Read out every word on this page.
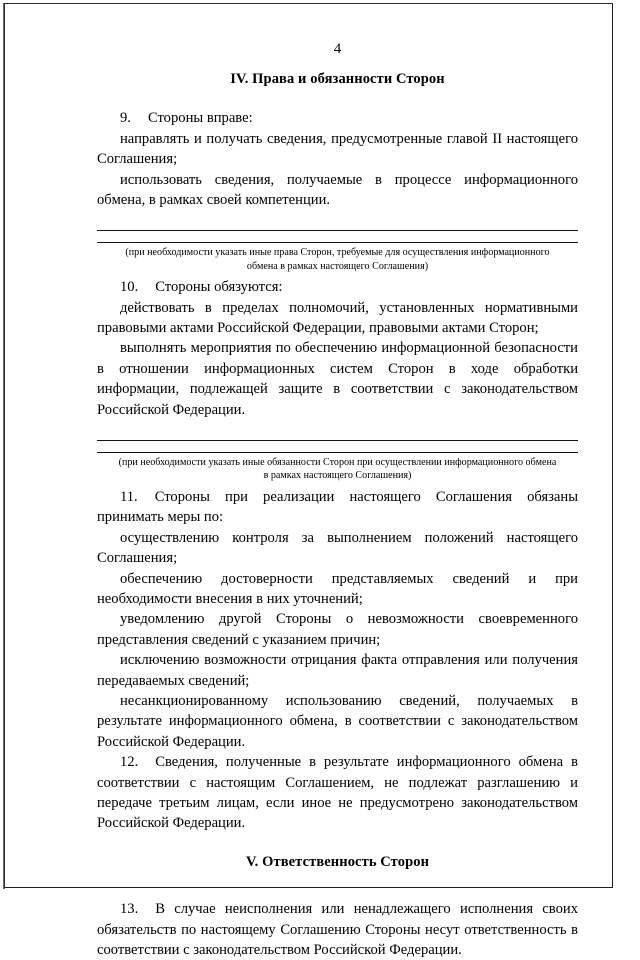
4
IV. Права и обязанности Сторон

9. Стороны вправе:

направлять и получать сведения, предусмотренные главой II настоящего Соглашения;

использовать сведения, получаемые в процессе информационного обмена, в рамках своей компетенции.

(при необходимости указать иные права Сторон, требуемые для осуществления информационного
обмена в рамках настоящего Соглашения)

10. Стороны обязуются:

действовать в пределах полномочий, установленных нормативными правовыми актами Российской Федерации, правовыми актами Сторон;

выполнять мероприятия по обеспечению информационной безопасности в отношении информационных систем Сторон в ходе обработки информации, подлежащей защите в соответствии с законодательством Российской Федерации.

(при необходимости указать иные обязанности Сторон при осуществлении информационного обмена
в рамках настоящего Соглашения)

11. Стороны при реализации настоящего Соглашения обязаны принимать меры по:

осуществлению контроля за выполнением положений настоящего Соглашения;

обеспечению достоверности представляемых сведений и при необходимости внесения в них уточнений;

уведомлению другой Стороны о невозможности своевременного представления сведений с указанием причин;

исключению возможности отрицания факта отправления или получения передаваемых сведений;

несанкционированному использованию сведений, получаемых в результате информационного обмена, в соответствии с законодательством Российской Федерации.

12. Сведения, полученные в результате информационного обмена в соответствии с настоящим Соглашением, не подлежат разглашению и передаче третьим лицам, если иное не предусмотрено законодательством Российской Федерации.

V. Ответственность Сторон

13. В случае неисполнения или ненадлежащего исполнения своих обязательств по настоящему Соглашению Стороны несут ответственность в соответствии с законодательством Российской Федерации.
